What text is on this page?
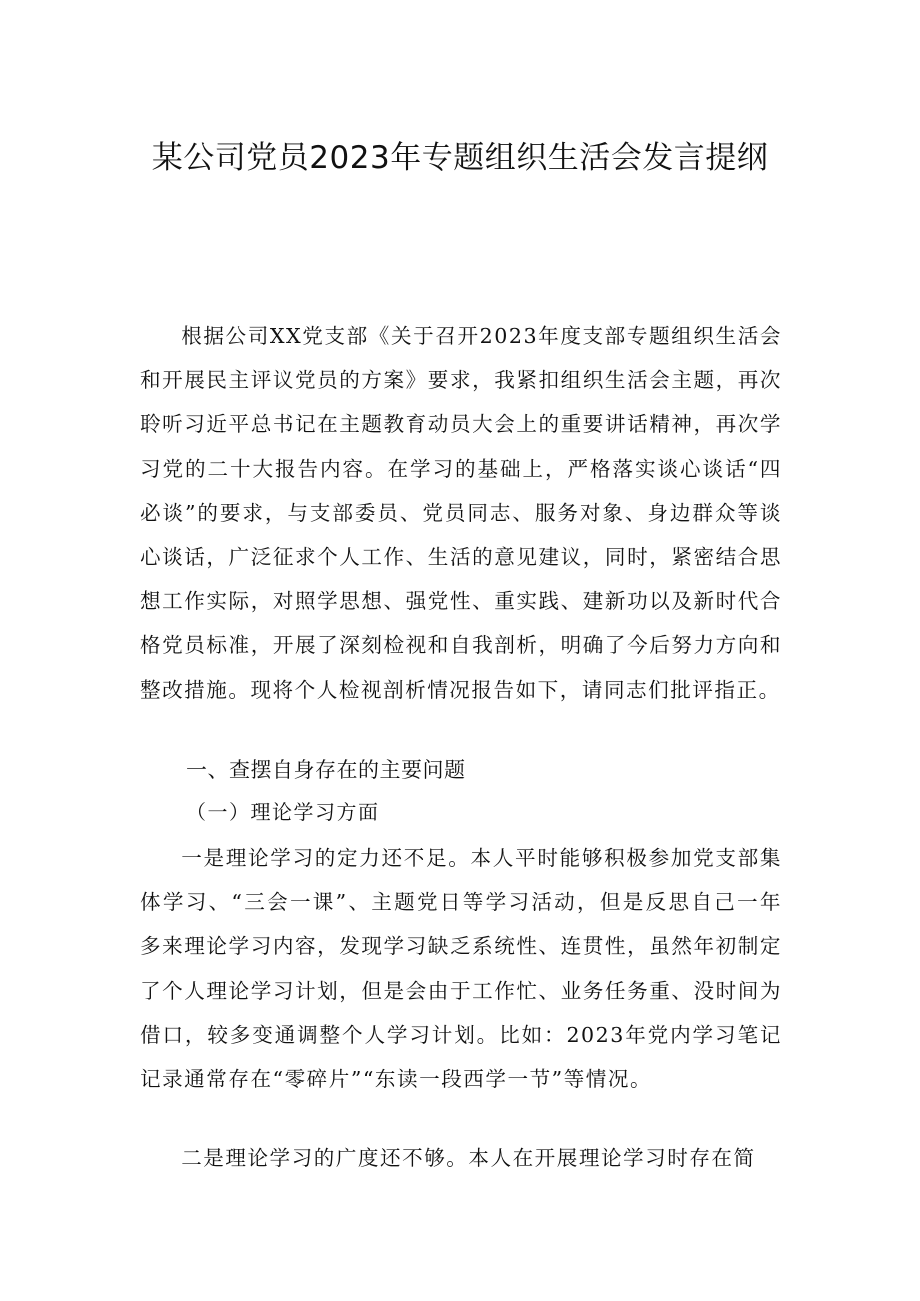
某公司党员2023年专题组织生活会发言提纲

根据公司XX党支部《关于召开2023年度支部专题组织生活会和开展民主评议党员的方案》要求，我紧扣组织生活会主题，再次聆听习近平总书记在主题教育动员大会上的重要讲话精神，再次学习党的二十大报告内容。在学习的基础上，严格落实谈心谈话“四必谈”的要求，与支部委员、党员同志、服务对象、身边群众等谈心谈话，广泛征求个人工作、生活的意见建议，同时，紧密结合思想工作实际，对照学思想、强党性、重实践、建新功以及新时代合格党员标准，开展了深刻检视和自我剖析，明确了今后努力方向和整改措施。现将个人检视剖析情况报告如下，请同志们批评指正。

一、查摆自身存在的主要问题

（一）理论学习方面

一是理论学习的定力还不足。本人平时能够积极参加党支部集体学习、“三会一课”、主题党日等学习活动，但是反思自己一年多来理论学习内容，发现学习缺乏系统性、连贯性，虽然年初制定了个人理论学习计划，但是会由于工作忙、业务任务重、没时间为借口，较多变通调整个人学习计划。比如：2023年党内学习笔记记录通常存在“零碎片”“东读一段西学一节”等情况。

二是理论学习的广度还不够。本人在开展理论学习时存在简
